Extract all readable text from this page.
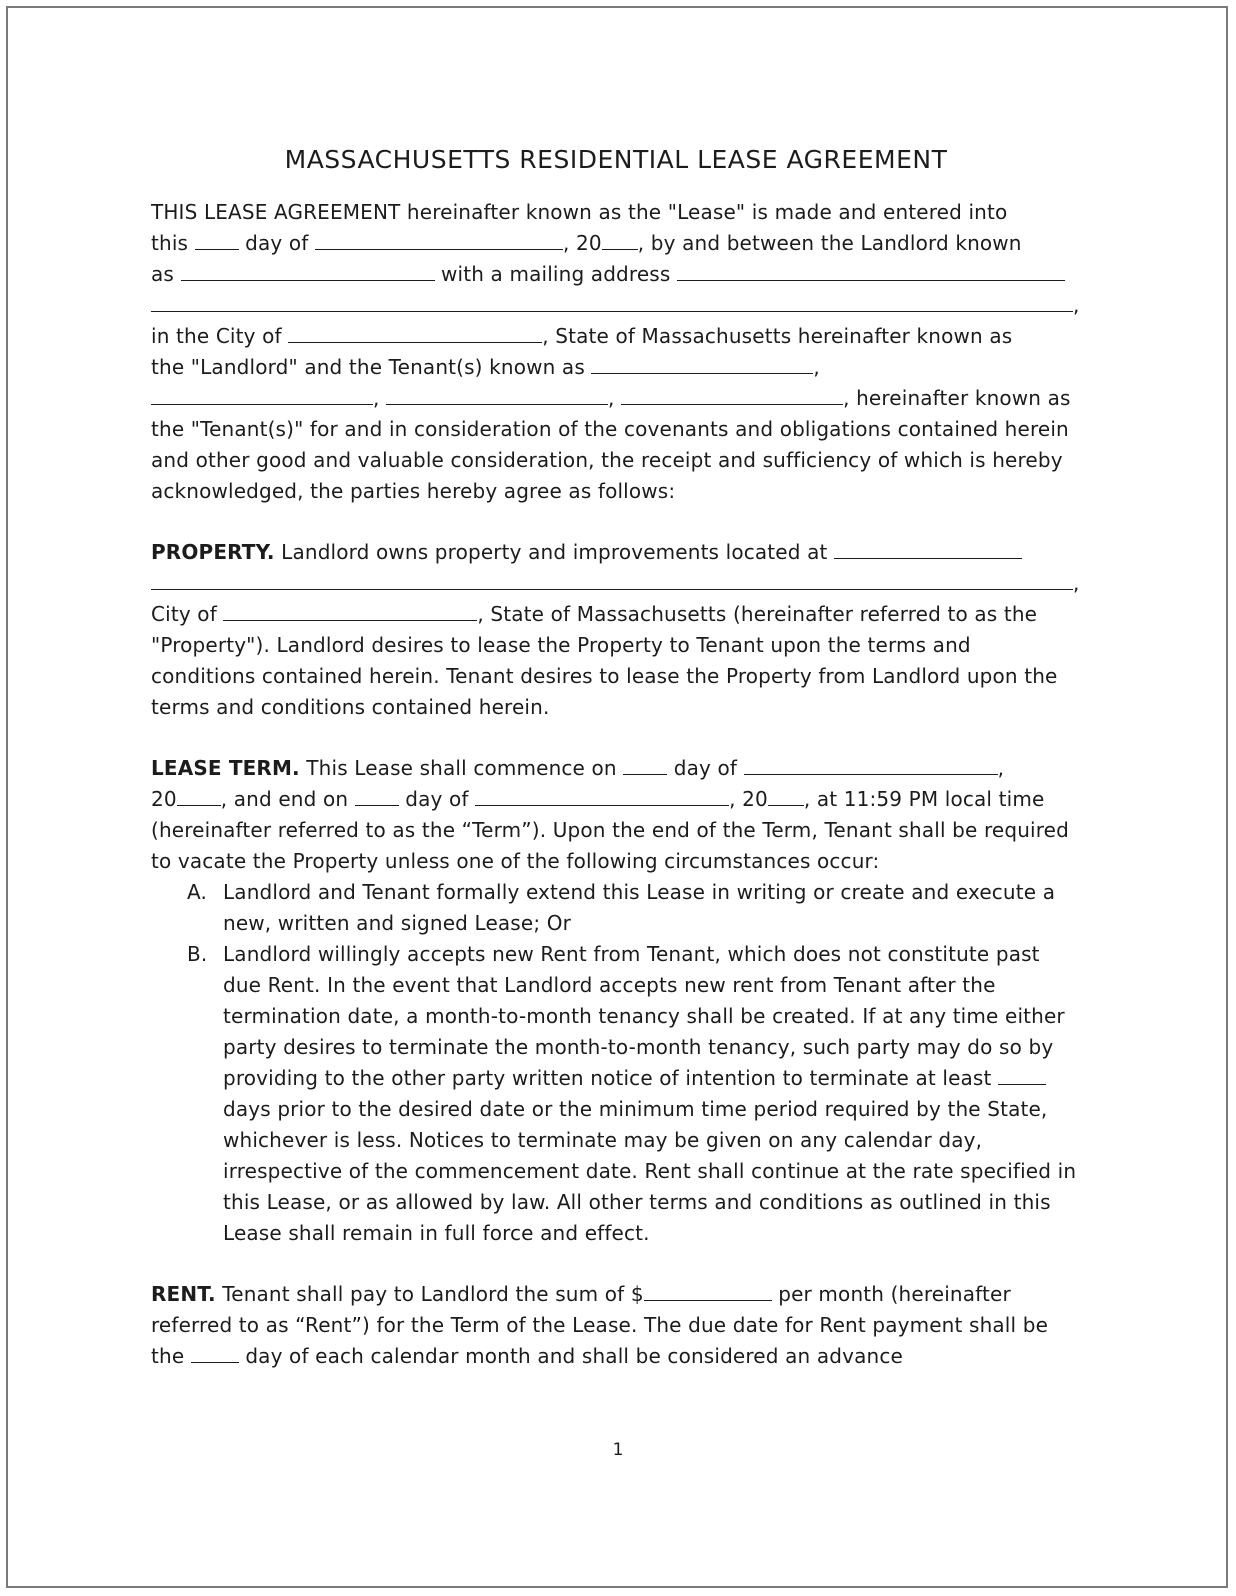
MASSACHUSETTS RESIDENTIAL LEASE AGREEMENT

THIS LEASE AGREEMENT hereinafter known as the "Lease" is made and entered into

this	day of	, 20 , by and between the Landlord known

as	with a mailing address

,

in the City of	, State of Massachusetts hereinafter known as

the "Landlord" and the Tenant(s) known as	,

,	,	, hereinafter known as

the "Tenant(s)" for and in consideration of the covenants and obligations contained herein and other good and valuable consideration, the receipt and sufficiency of which is hereby acknowledged, the parties hereby agree as follows:

PROPERTY. Landlord owns property and improvements located at

,

City of	, State of Massachusetts (hereinafter referred to as the "Property"). Landlord desires to lease the Property to Tenant upon the terms and conditions contained herein. Tenant desires to lease the Property from Landlord upon the terms and conditions contained herein.

LEASE TERM. This Lease shall commence on	day of	,

20 , and end on	day of	, 20 , at 11:59 PM local time

(hereinafter referred to as the “Term”). Upon the end of the Term, Tenant shall be required to vacate the Property unless one of the following circumstances occur:

A. Landlord and Tenant formally extend this Lease in writing or create and execute a new, written and signed Lease; Or
B. Landlord willingly accepts new Rent from Tenant, which does not constitute past due Rent. In the event that Landlord accepts new rent from Tenant after the termination date, a month-to-month tenancy shall be created. If at any time either party desires to terminate the month-to-month tenancy, such party may do so by providing to the other party written notice of intention to terminate at least  days prior to the desired date or the minimum time period required by the State, whichever is less. Notices to terminate may be given on any calendar day, irrespective of the commencement date. Rent shall continue at the rate specified in this Lease, or as allowed by law. All other terms and conditions as outlined in this Lease shall remain in full force and effect.

RENT. Tenant shall pay to Landlord the sum of $	per month (hereinafter referred to as “Rent”) for the Term of the Lease. The due date for Rent payment shall be the	day of each calendar month and shall be considered an advance

1
